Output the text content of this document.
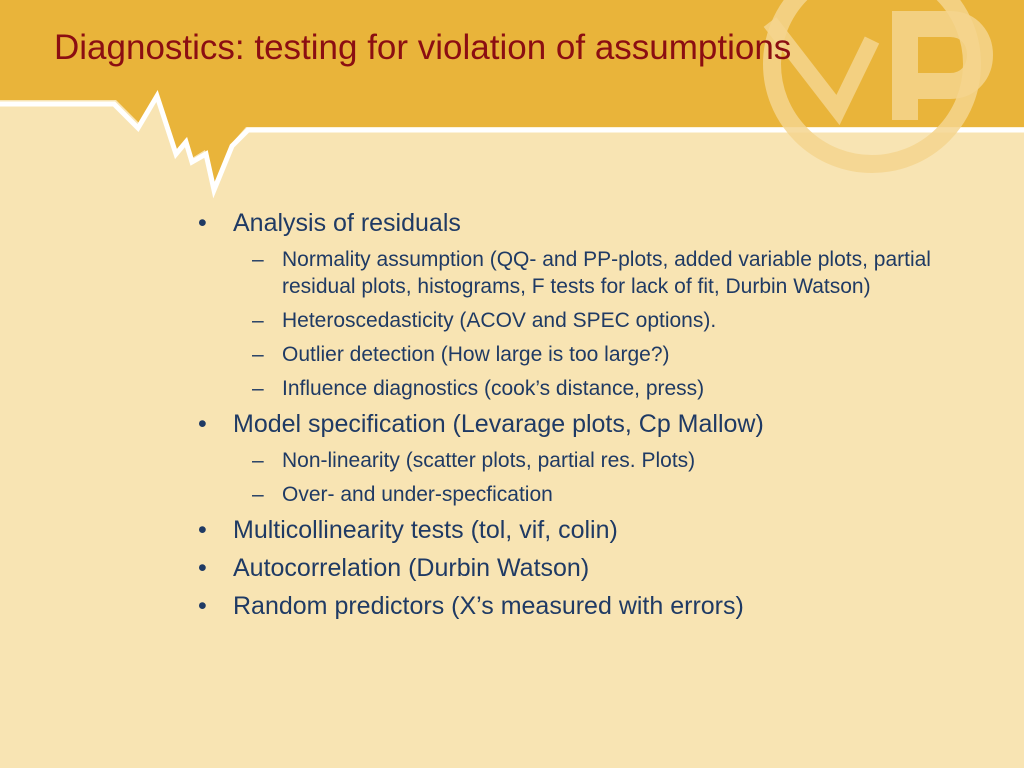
Diagnostics: testing for violation of assumptions
•	Analysis of residuals
– Normality assumption (QQ- and PP-plots, added variable plots, partial residual plots, histograms, F tests for lack of fit, Durbin Watson)
– Heteroscedasticity (ACOV and SPEC options).
– Outlier detection (How large is too large?)
– Influence diagnostics (cook’s distance, press)
•	Model specification (Levarage plots, Cp Mallow)
– Non-linearity (scatter plots, partial res. Plots)
– Over- and under-specfication
•	Multicollinearity tests (tol, vif, colin)
•	Autocorrelation (Durbin Watson)
•	Random predictors (X’s measured with errors)
